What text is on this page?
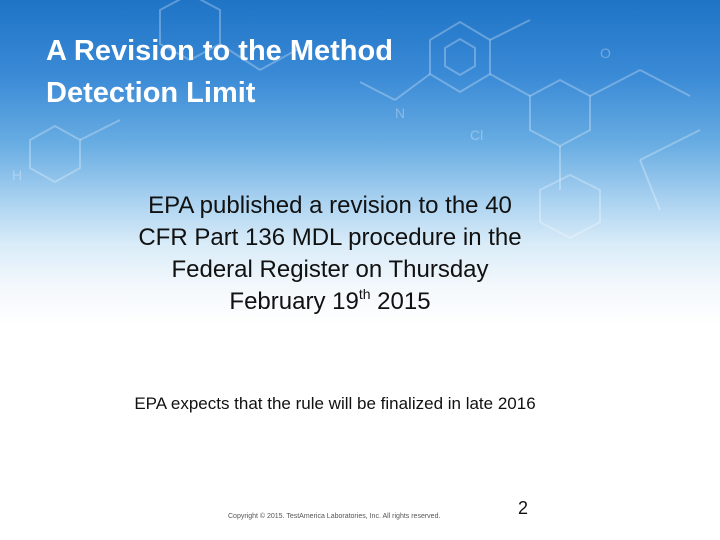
Cl
N
O
H
A Revision to the Method
Detection Limit
EPA published a revision to the 40
CFR Part 136 MDL procedure in the
Federal Register on Thursday
February 19th 2015
EPA expects that the rule will be finalized in late 2016
Copyright © 2015. TestAmerica Laboratories, Inc. All rights reserved.	2
